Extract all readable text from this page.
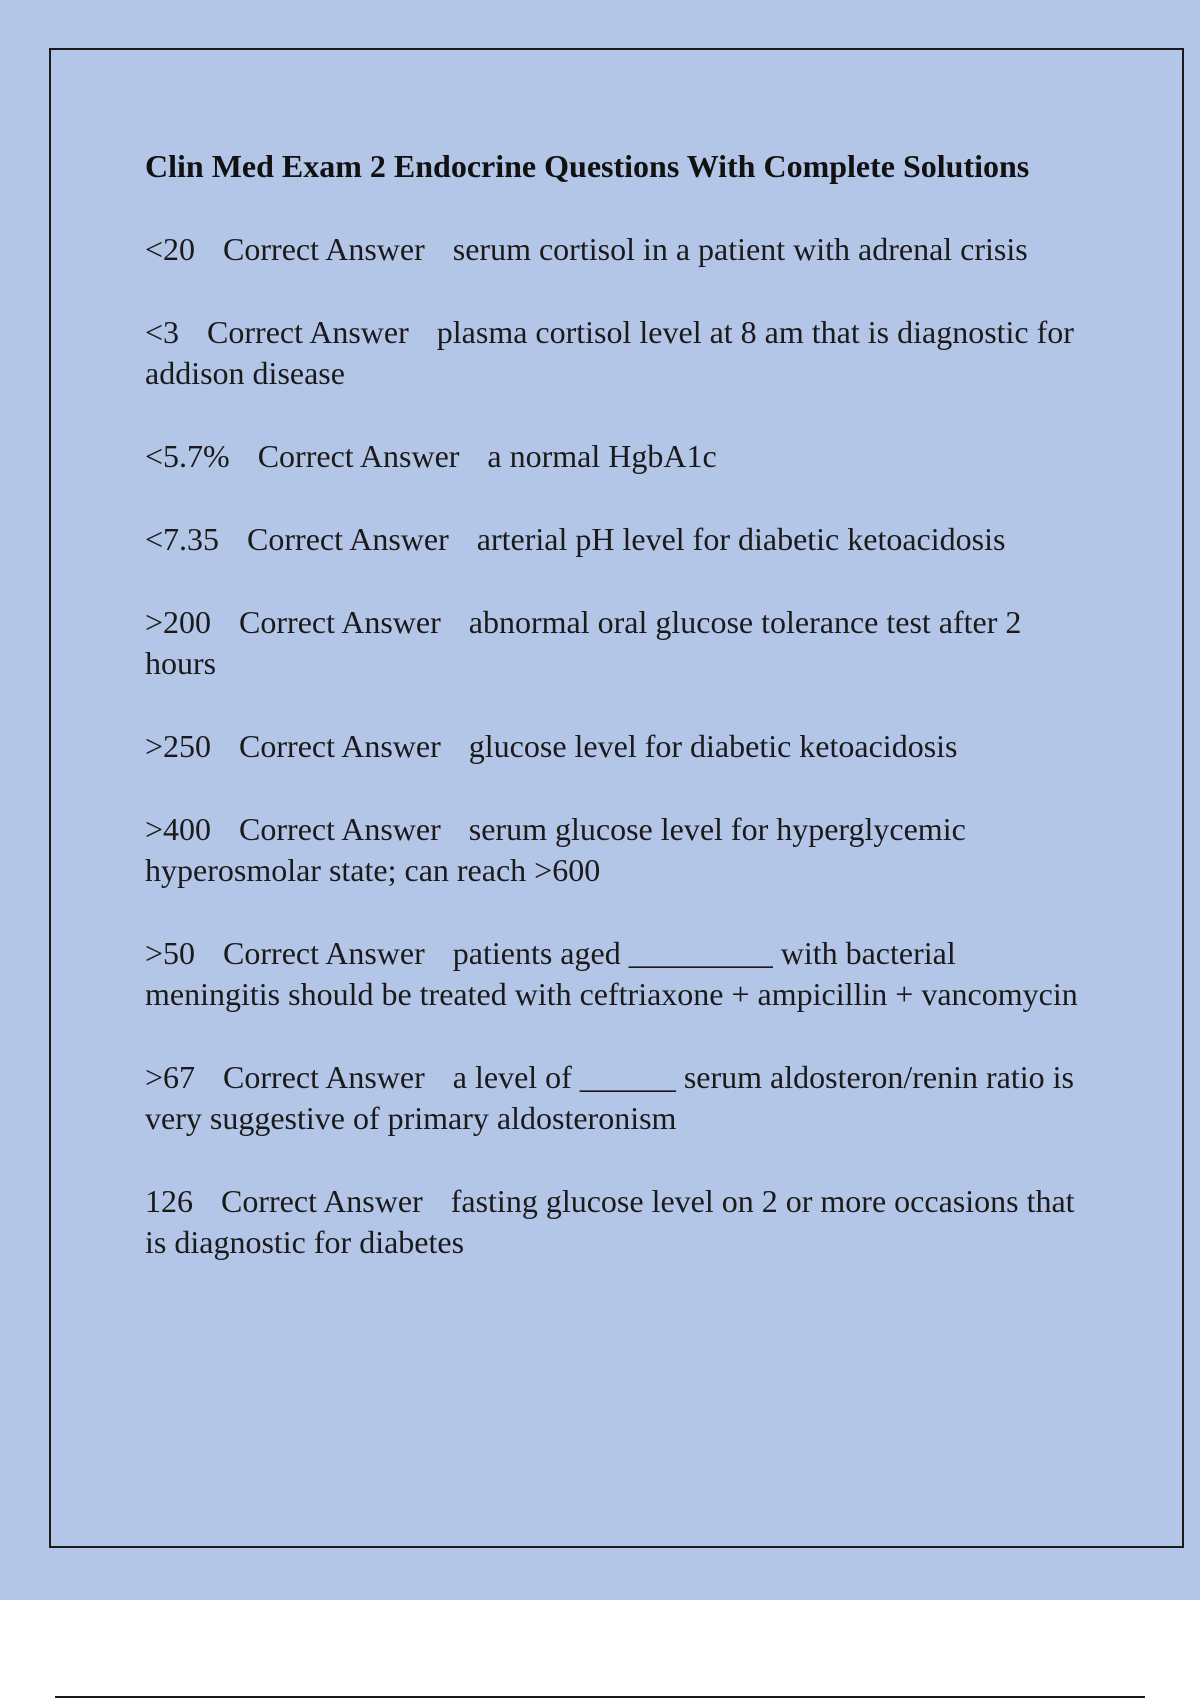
Clin Med Exam 2 Endocrine Questions With Complete Solutions

<20 Correct Answer serum cortisol in a patient with adrenal crisis

<3 Correct Answer plasma cortisol level at 8 am that is diagnostic for addison disease

<5.7% Correct Answer a normal HgbA1c

<7.35 Correct Answer arterial pH level for diabetic ketoacidosis

>200 Correct Answer abnormal oral glucose tolerance test after 2 hours

>250 Correct Answer glucose level for diabetic ketoacidosis

>400 Correct Answer serum glucose level for hyperglycemic hyperosmolar state; can reach >600

>50 Correct Answer patients aged _________ with bacterial meningitis should be treated with ceftriaxone + ampicillin + vancomycin

>67 Correct Answer a level of ______ serum aldosteron/renin ratio is very suggestive of primary aldosteronism

126 Correct Answer fasting glucose level on 2 or more occasions that is diagnostic for diabetes
